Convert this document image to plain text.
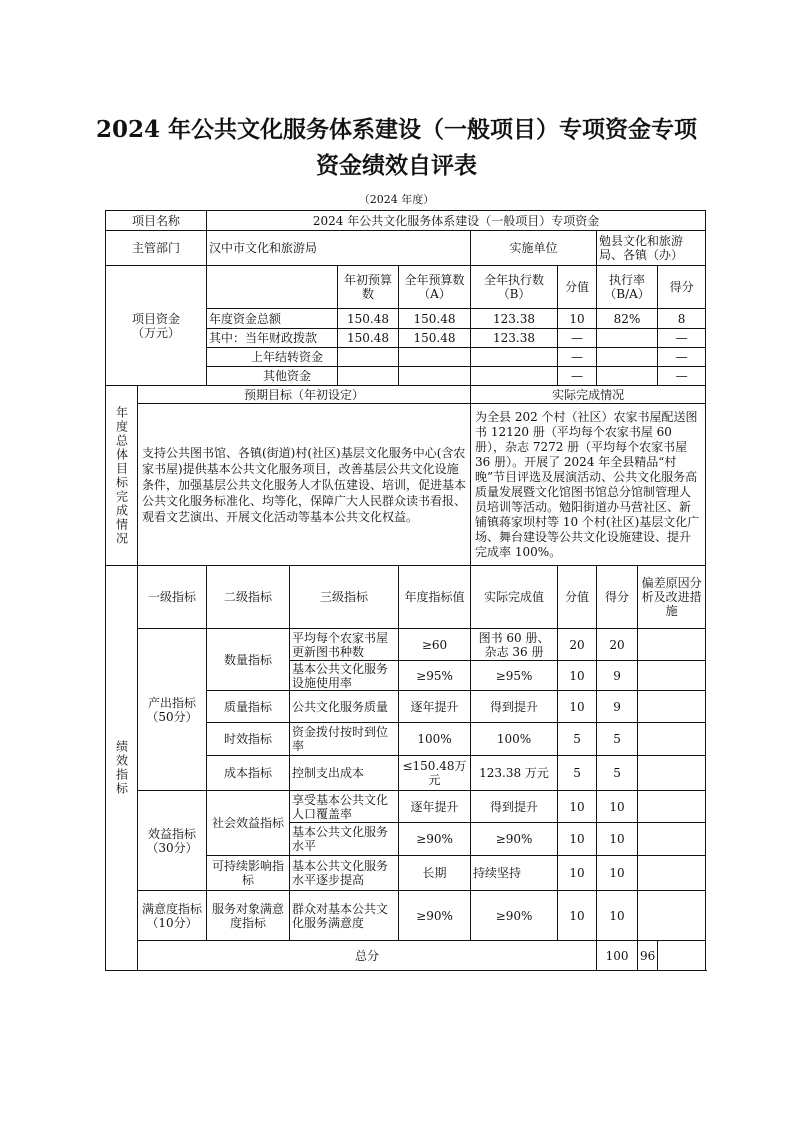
2024 年公共文化服务体系建设（一般项目）专项资金专项
资金绩效自评表
（2024 年度）
项目名称		2024 年公共文化服务体系建设（一般项目）专项资金								
主管部门		汉中市文化和旅游局				实施单位		勉县文化和旅游局、各镇（办）		

项目资金（万元）				年初预算数	全年预算数（A）	全年执行数（B）	分值	执行率（B/A）		得分
		年度资金总额		150.48	150.48	123.38	10	82%		8
		其中：当年财政拨款		150.48	150.48	123.38	—			—
		上年结转资金					—			—
		其他资金					—			—

年度总体目标完成情况	预期目标（年初设定）					实际完成情况				
	支持公共图书馆、各镇(街道)村(社区)基层文化服务中心(含农家书屋)提供基本公共文化服务项目，改善基层公共文化设施条件，加强基层公共文化服务人才队伍建设、培训，促进基本公共文化服务标准化、均等化，保障广大人民群众读书看报、观看文艺演出、开展文化活动等基本公共文化权益。					为全县 202 个村（社区）农家书屋配送图书 12120 册（平均每个农家书屋 60 册），杂志 7272 册（平均每个农家书屋 36 册）。开展了 2024 年全县精品“村晚”节目评选及展演活动、公共文化服务高质量发展暨文化馆图书馆总分馆制管理人员培训等活动。勉阳街道办马营社区、新铺镇蒋家坝村等 10 个村(社区)基层文化广场、舞台建设等公共文化设施建设、提升完成率 100%。				

绩效指标	一级指标	二级指标	三级指标		年度指标值	实际完成值	分值	得分	偏差原因分析及改进措施	
	产出指标（50分）	数量指标	平均每个农家书屋更新图书种数		≥60	图书 60 册、杂志 36 册	20	20		
			基本公共文化服务设施使用率		≥95%	≥95%	10	9		
		质量指标	公共文化服务质量		逐年提升	得到提升	10	9		
		时效指标	资金拨付按时到位率		100%	100%	5	5		
		成本指标	控制支出成本		≤150.48万元	123.38 万元	5	5		
	效益指标（30分）	社会效益指标	享受基本公共文化人口覆盖率		逐年提升	得到提升	10	10		
			基本公共文化服务水平		≥90%	≥90%	10	10		
		可持续影响指标	基本公共文化服务水平逐步提高		长期	持续坚持	10	10		
	满意度指标（10分）	服务对象满意度指标	群众对基本公共文化服务满意度		≥90%	≥90%	10	10		
	总分							100	96	
